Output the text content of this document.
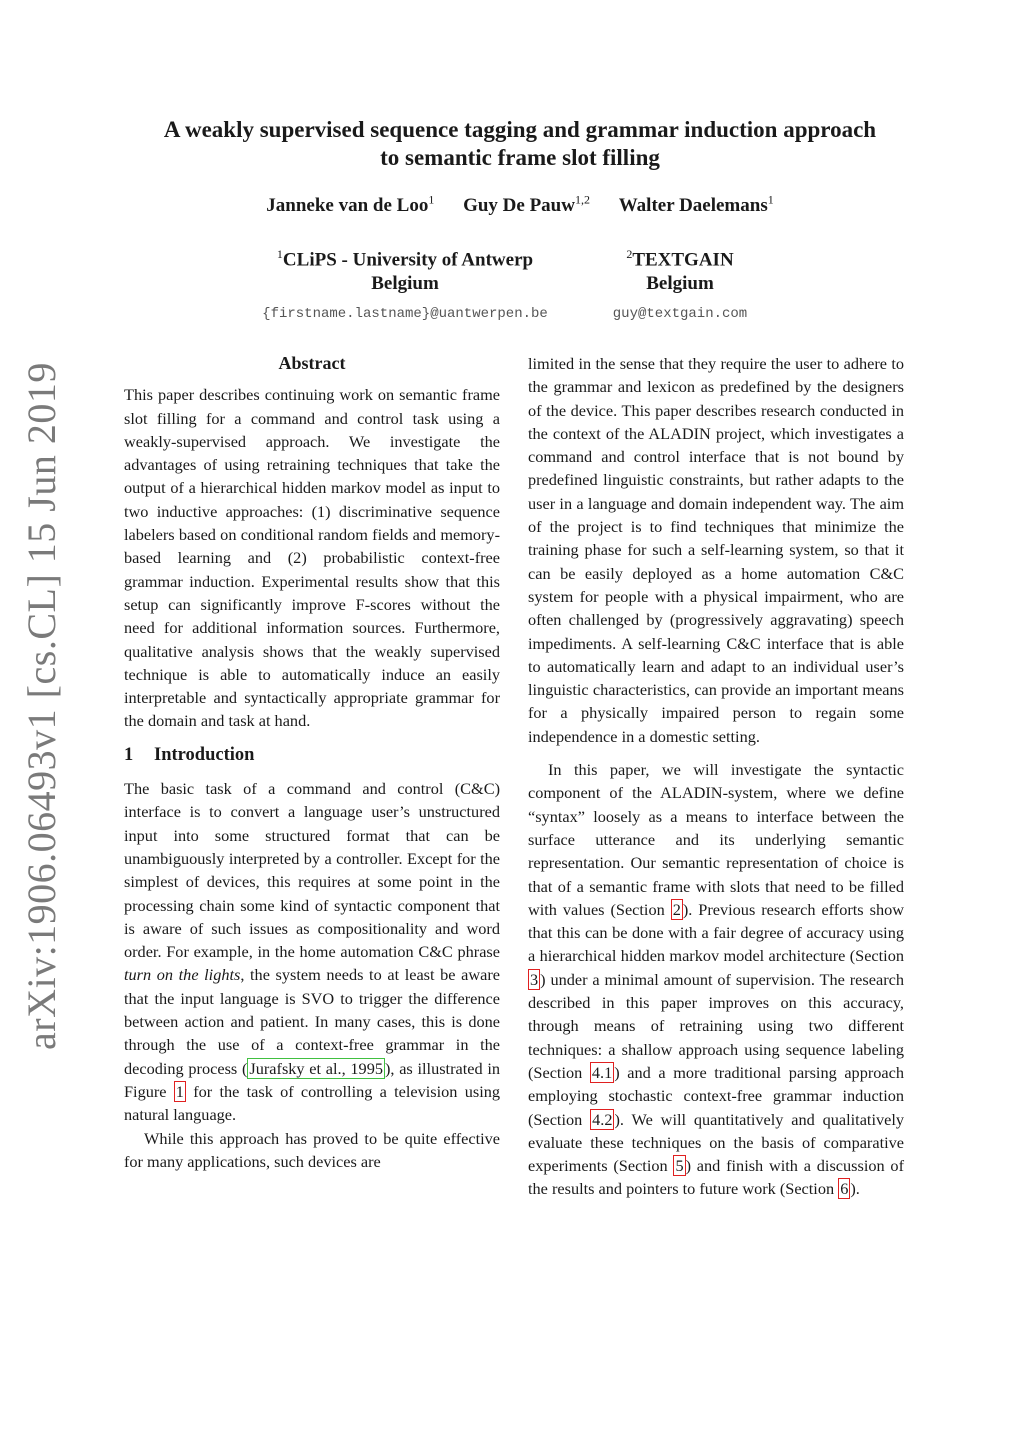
arXiv:1906.06493v1 [cs.CL] 15 Jun 2019
A weakly supervised sequence tagging and grammar induction approach
to semantic frame slot filling
Janneke van de Loo$^1$ Guy De Pauw$^{1,2}$ Walter Daelemans$^1$
$^1$CLiPS - University of Antwerp
Belgium
{firstname.lastname}@uantwerpen.be
$^2$TEXTGAIN
Belgium
guy@textgain.com
Abstract

This paper describes continuing work on semantic frame slot filling for a command and control task using a weakly-supervised approach. We investigate the advantages of using retraining techniques that take the output of a hierarchical hidden markov model as input to two inductive approaches: (1) discriminative sequence labelers based on conditional random fields and memory-based learning and (2) probabilistic context-free grammar induction. Experimental results show that this setup can significantly improve F-scores without the need for additional information sources. Furthermore, qualitative analysis shows that the weakly supervised technique is able to automatically induce an easily interpretable and syntactically appropriate grammar for the domain and task at hand.

1 Introduction

The basic task of a command and control (C&C) interface is to convert a language user’s unstructured input into some structured format that can be unambiguously interpreted by a controller. Except for the simplest of devices, this requires at some point in the processing chain some kind of syntactic component that is aware of such issues as compositionality and word order. For example, in the home automation C&C phrase turn on the lights, the system needs to at least be aware that the input language is SVO to trigger the difference between action and patient. In many cases, this is done through the use of a context-free grammar in the decoding process ( Jurafsky et al., 1995 ), as illustrated in Figure 1 for the task of controlling a television using natural language.

While this approach has proved to be quite effective for many applications, such devices are

limited in the sense that they require the user to adhere to the grammar and lexicon as predefined by the designers of the device. This paper describes research conducted in the context of the ALADIN project, which investigates a command and control interface that is not bound by predefined linguistic constraints, but rather adapts to the user in a language and domain independent way. The aim of the project is to find techniques that minimize the training phase for such a self-learning system, so that it can be easily deployed as a home automation C&C system for people with a physical impairment, who are often challenged by (progressively aggravating) speech impediments. A self-learning C&C interface that is able to automatically learn and adapt to an individual user’s linguistic characteristics, can provide an important means for a physically impaired person to regain some independence in a domestic setting.

In this paper, we will investigate the syntactic component of the ALADIN-system, where we define “syntax” loosely as a means to interface between the surface utterance and its underlying semantic representation. Our semantic representation of choice is that of a semantic frame with slots that need to be filled with values (Section 2 ). Previous research efforts show that this can be done with a fair degree of accuracy using a hierarchical hidden markov model architecture (Section 3 ) under a minimal amount of supervision. The research described in this paper improves on this accuracy, through means of retraining using two different techniques: a shallow approach using sequence labeling (Section 4.1 ) and a more traditional parsing approach employing stochastic context-free grammar induction (Section 4.2 ). We will quantitatively and qualitatively evaluate these techniques on the basis of comparative experiments (Section 5 ) and finish with a discussion of the results and pointers to future work (Section 6 ).
